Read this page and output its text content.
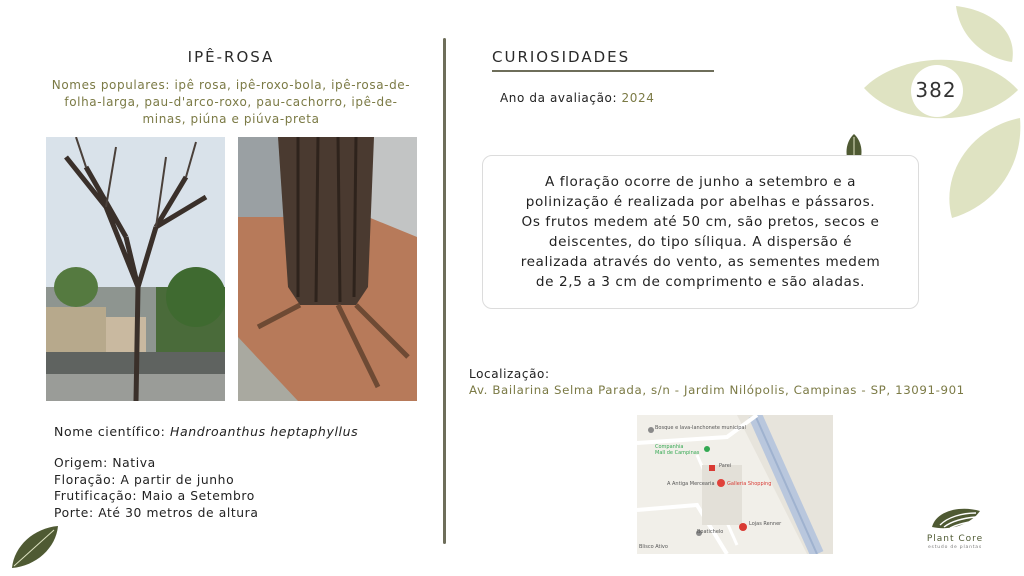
382
IPÊ-ROSA
Nomes populares: ipê rosa, ipê-roxo-bola, ipê-rosa-de-
folha-larga, pau-d'arco-roxo, pau-cachorro, ipê-de-
minas, piúna e piúva-preta
Nome científico: Handroanthus heptaphyllus
Origem: Nativa
Floração: A partir de junho
Frutificação: Maio a Setembro
Porte: Até 30 metros de altura
CURIOSIDADES
Ano da avaliação: 2024
A floração ocorre de junho a setembro e a
polinização é realizada por abelhas e pássaros.
Os frutos medem até 50 cm, são pretos, secos e
deiscentes, do tipo síliqua. A dispersão é
realizada através do vento, as sementes medem
de 2,5 a 3 cm de comprimento e são aladas.
Localização:
Av. Bailarina Selma Parada, s/n - Jardim Nilópolis, Campinas - SP, 13091-901
Bosque e lava-lanchonete municipal
Companhia
Mall de Campinas
Parei
Galleria Shopping
A Antiga Mercearia
Lojas Renner
Boatichelo
Blisco Ativo
Plant Core
estudo de plantas
